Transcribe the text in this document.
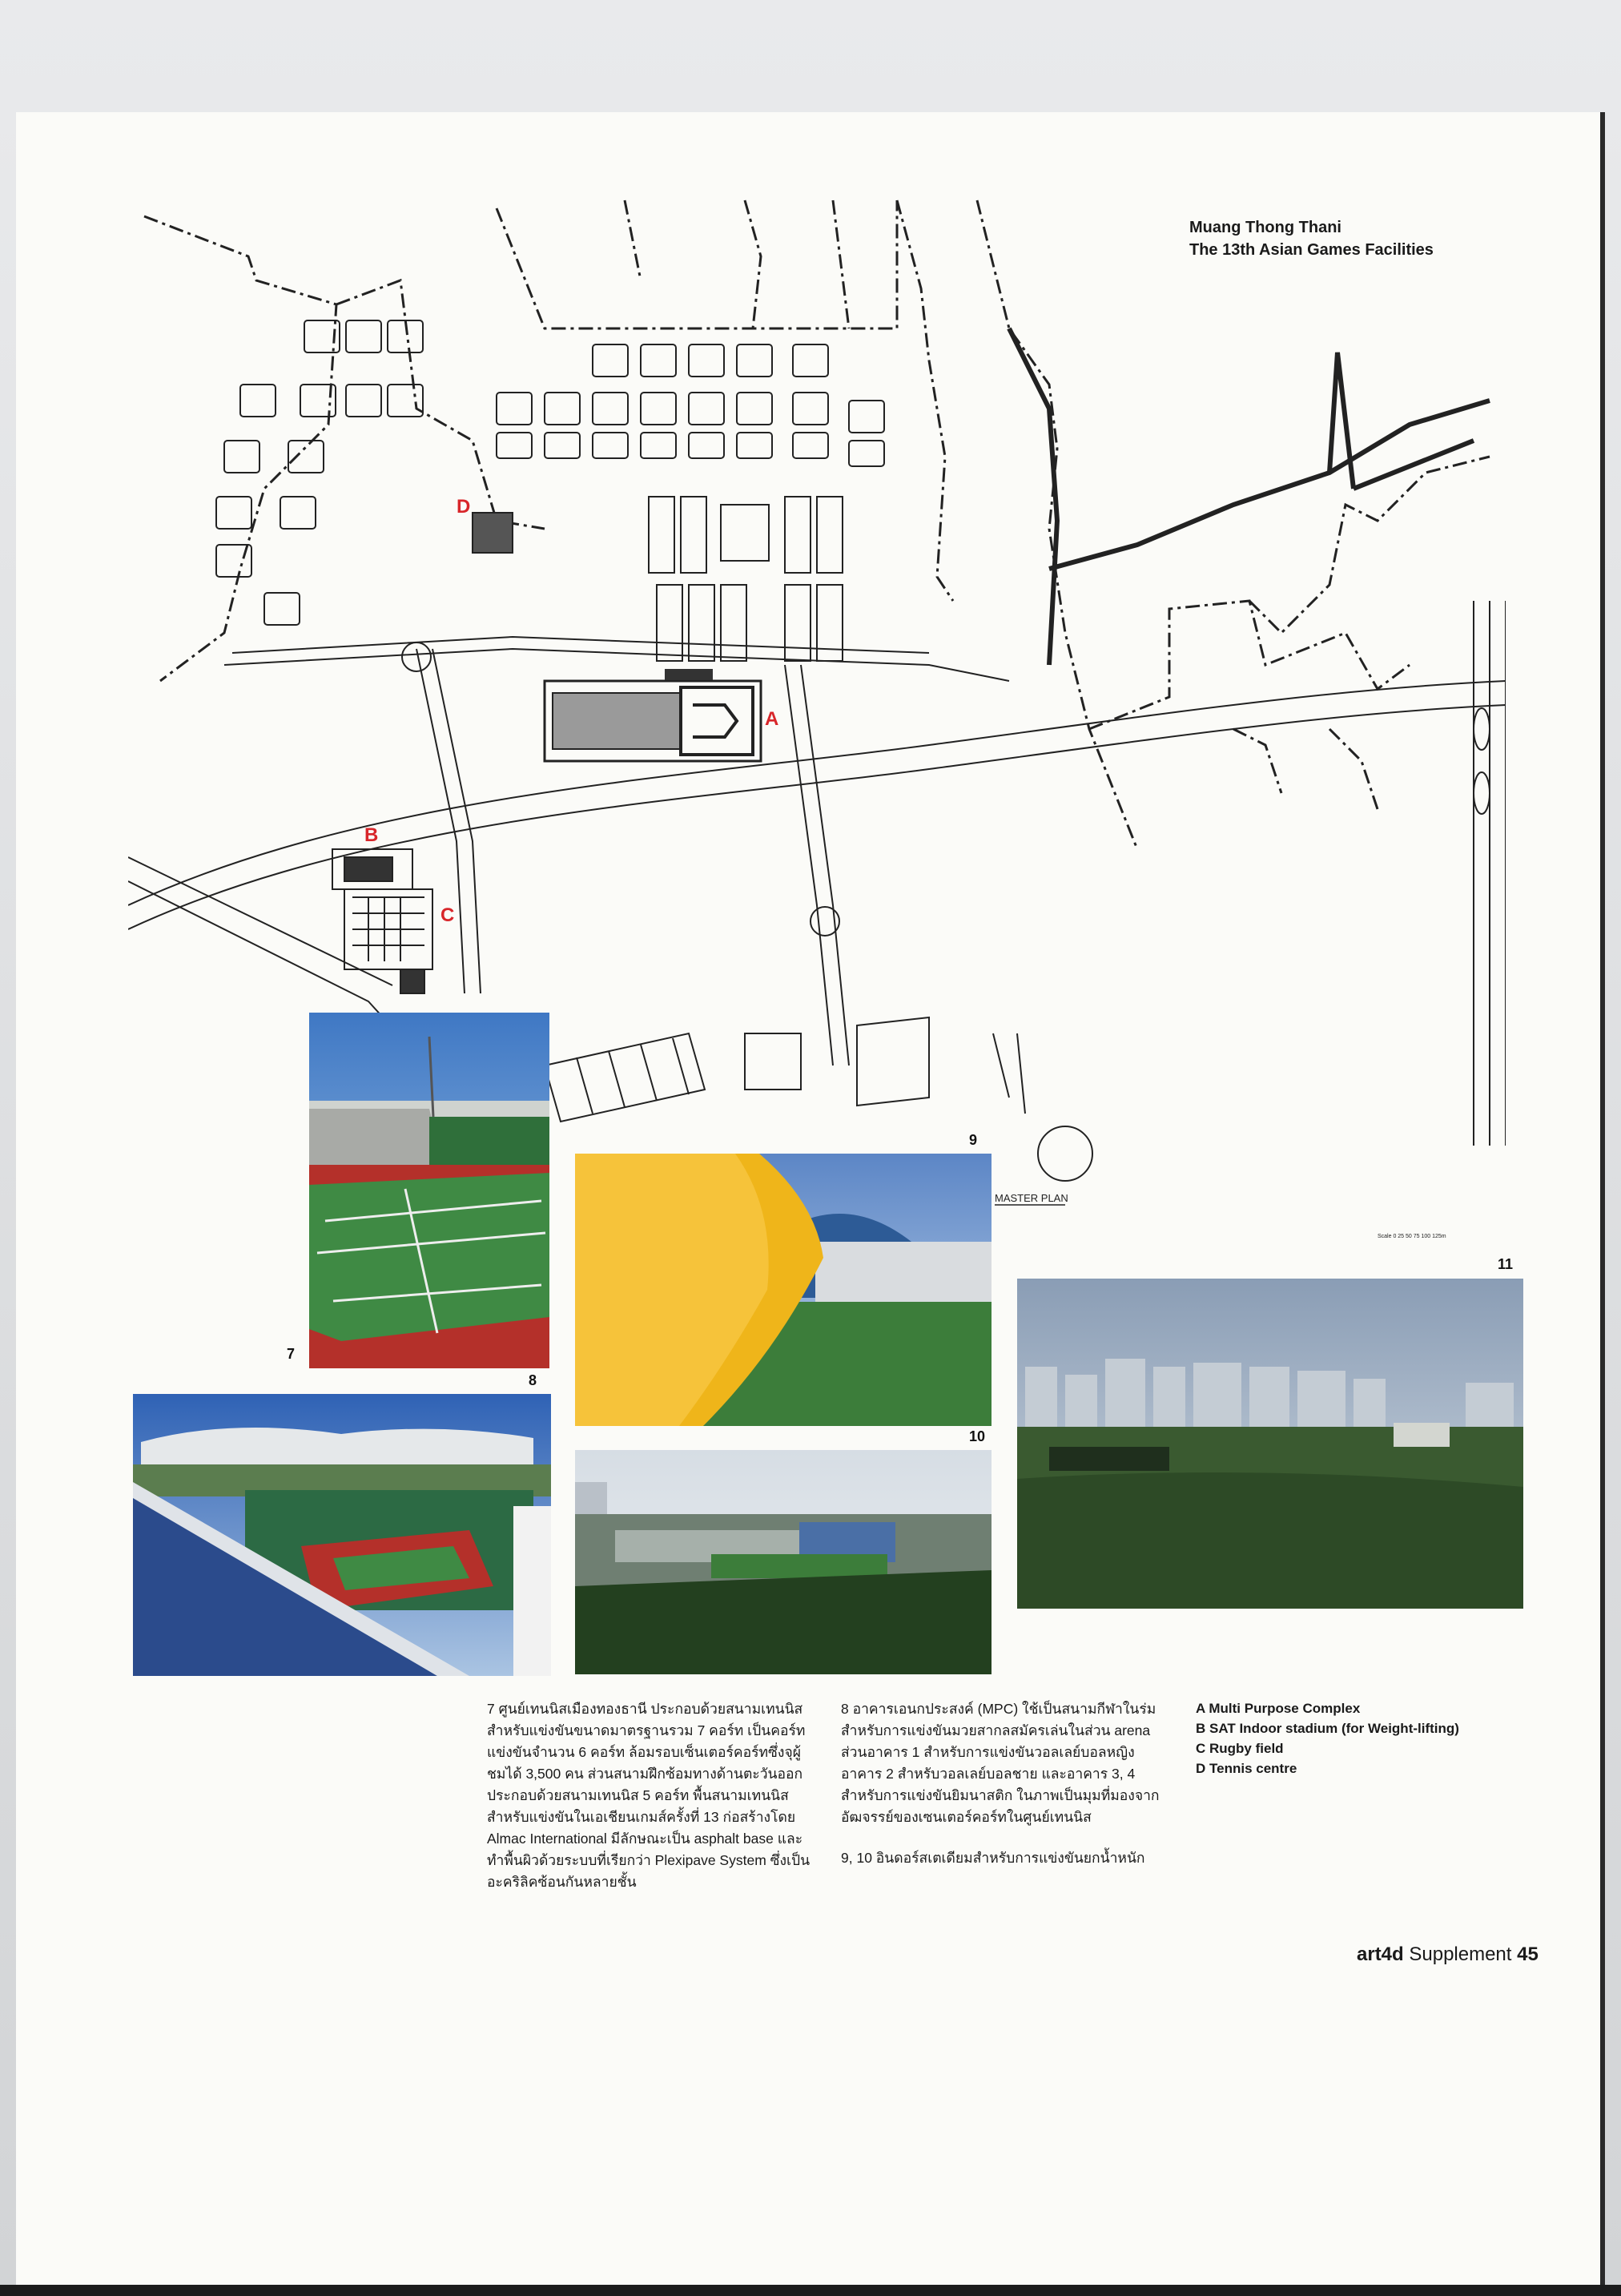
Muang Thong Thani
The 13th Asian Games Facilities
A
B
C
D
MASTER PLAN
Scale 0 25 50 75 100 125m
7
8
9
10
11

7 ศูนย์เทนนิสเมืองทองธานี ประกอบด้วยสนามเทนนิสสำหรับแข่งขันขนาดมาตรฐานรวม 7 คอร์ท เป็นคอร์ทแข่งขันจำนวน 6 คอร์ท ล้อมรอบเซ็นเตอร์คอร์ทซึ่งจุผู้ชมได้ 3,500 คน ส่วนสนามฝึกซ้อมทางด้านตะวันออกประกอบด้วยสนามเทนนิส 5 คอร์ท พื้นสนามเทนนิสสำหรับแข่งขันในเอเชียนเกมส์ครั้งที่ 13 ก่อสร้างโดย Almac International มีลักษณะเป็น asphalt base และทำพื้นผิวด้วยระบบที่เรียกว่า Plexipave System ซึ่งเป็นอะคริลิคซ้อนกันหลายชั้น

8 อาคารเอนกประสงค์ (MPC) ใช้เป็นสนามกีฬาในร่มสำหรับการแข่งขันมวยสากลสมัครเล่นในส่วน arena ส่วนอาคาร 1 สำหรับการแข่งขันวอลเลย์บอลหญิง อาคาร 2 สำหรับวอลเลย์บอลชาย และอาคาร 3, 4 สำหรับการแข่งขันยิมนาสติก ในภาพเป็นมุมที่มองจากอัฒจรรย์ของเซนเตอร์คอร์ทในศูนย์เทนนิส

9, 10 อินดอร์สเตเดียมสำหรับการแข่งขันยกน้ำหนัก

A Multi Purpose Complex
B SAT Indoor stadium (for Weight-lifting)
C Rugby field
D Tennis centre
art4d Supplement 45
